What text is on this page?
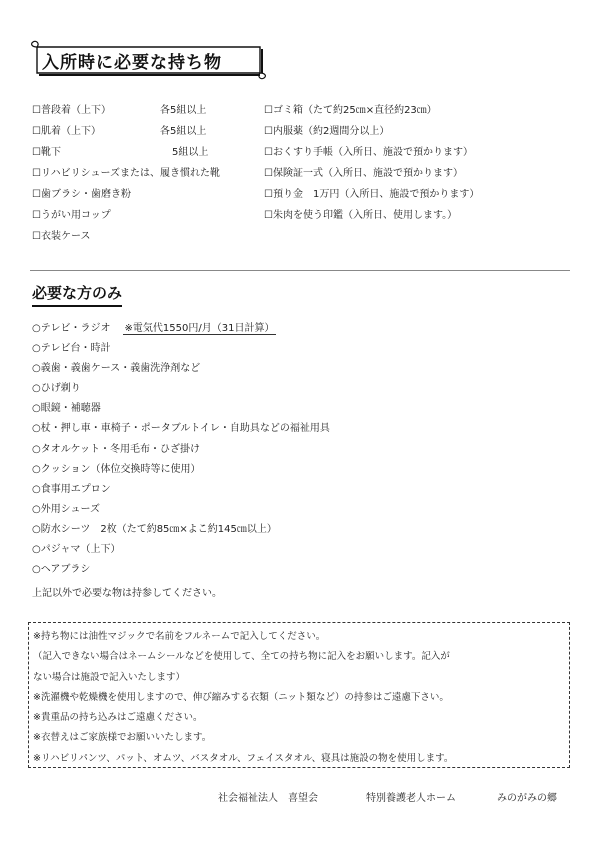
入所時に必要な持ち物
☐普段着（上下）	各5組以上
☐肌着（上下）	各5組以上
☐靴下	5組以上
☐リハビリシューズまたは、履き慣れた靴
☐歯ブラシ・歯磨き粉
☐うがい用コップ
☐衣装ケース
☐ゴミ箱（たて約25㎝×直径約23㎝）
☐内服薬（約2週間分以上）
☐おくすり手帳（入所日、施設で預かります）
☐保険証一式（入所日、施設で預かります）
☐預り金　1万円（入所日、施設で預かります）
☐朱肉を使う印鑑（入所日、使用します。）
必要な方のみ
○テレビ・ラジオ ※電気代1550円/月（31日計算）
○テレビ台・時計
○義歯・義歯ケース・義歯洗浄剤など
○ひげ剃り
○眼鏡・補聴器
○杖・押し車・車椅子・ポータブルトイレ・自助具などの福祉用具
○タオルケット・冬用毛布・ひざ掛け
○クッション（体位交換時等に使用）
○食事用エプロン
○外用シューズ
○防水シーツ　2枚（たて約85㎝×よこ約145㎝以上）
○パジャマ（上下）
○ヘアブラシ
上記以外で必要な物は持参してください。
※持ち物には油性マジックで名前をフルネームで記入してください。
（記入できない場合はネームシールなどを使用して、全ての持ち物に記入をお願いします。記入が
ない場合は施設で記入いたします）
※洗濯機や乾燥機を使用しますので、伸び縮みする衣類（ニット類など）の持参はご遠慮下さい。
※貴重品の持ち込みはご遠慮ください。
※衣替えはご家族様でお願いいたします。
※リハビリパンツ、パット、オムツ、バスタオル、フェイスタオル、寝具は施設の物を使用します。
社会福祉法人　喜望会	特別養護老人ホーム	みのがみの郷
